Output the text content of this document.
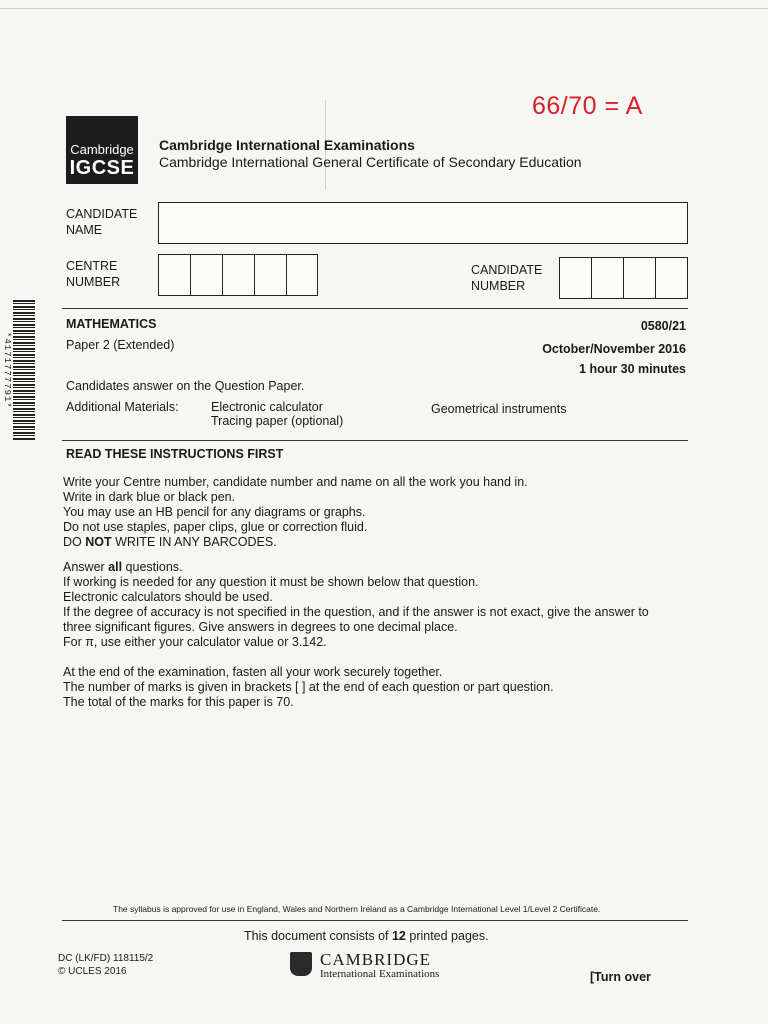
66/70 = A
Cambridge
IGCSE
Cambridge International Examinations
Cambridge International General Certificate of Secondary Education
CANDIDATE
NAME
CENTRE
NUMBER
CANDIDATE
NUMBER
*4171777791*
MATHEMATICS	0580/21
Paper 2 (Extended)	October/November 2016
1 hour 30 minutes
Candidates answer on the Question Paper.
Additional Materials:	Electronic calculator
Tracing paper (optional)
Geometrical instruments
READ THESE INSTRUCTIONS FIRST

Write your Centre number, candidate number and name on all the work you hand in.

Write in dark blue or black pen.

You may use an HB pencil for any diagrams or graphs.

Do not use staples, paper clips, glue or correction fluid.

DO NOT WRITE IN ANY BARCODES.

Answer all questions.

If working is needed for any question it must be shown below that question.

Electronic calculators should be used.

If the degree of accuracy is not specified in the question, and if the answer is not exact, give the answer to

three significant figures. Give answers in degrees to one decimal place.

For π, use either your calculator value or 3.142.

At the end of the examination, fasten all your work securely together.

The number of marks is given in brackets [ ] at the end of each question or part question.

The total of the marks for this paper is 70.

The syllabus is approved for use in England, Wales and Northern Ireland as a Cambridge International Level 1/Level 2 Certificate.
This document consists of 12 printed pages.
DC (LK/FD) 118115/2
© UCLES 2016
CAMBRIDGE
International Examinations	[Turn over
